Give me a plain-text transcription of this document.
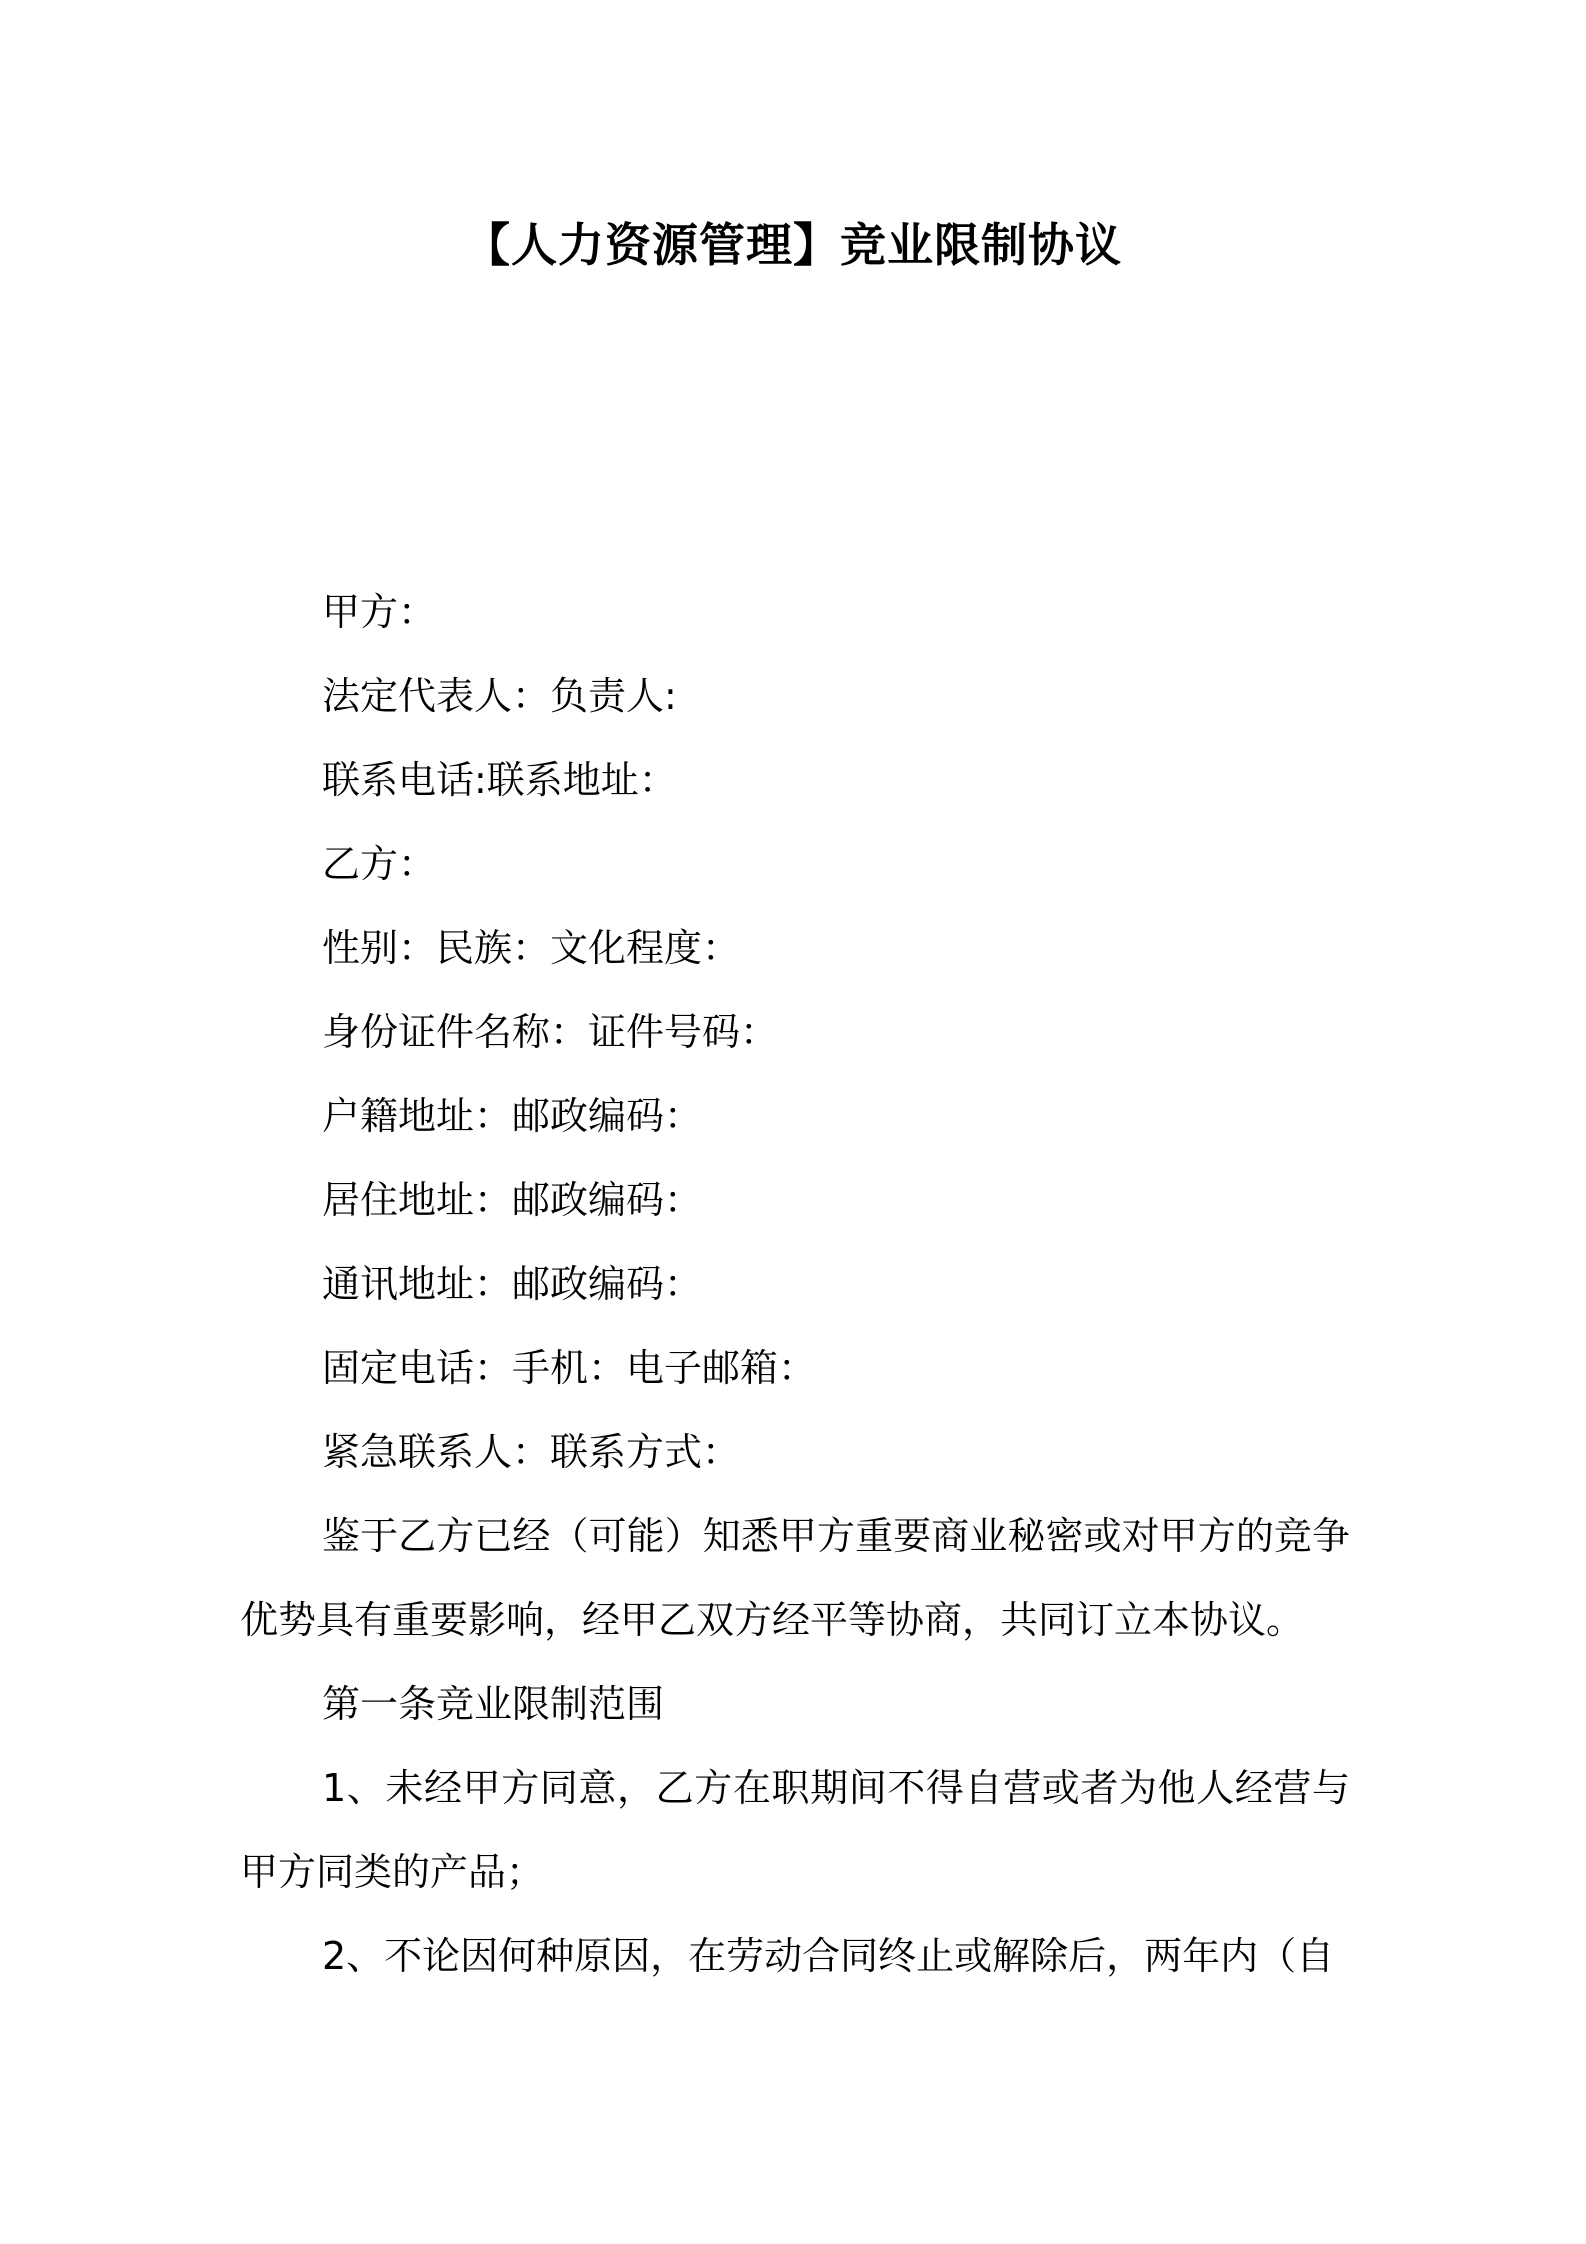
【人力资源管理】竞业限制协议
甲方：
法定代表人：负责人:
联系电话:联系地址：
乙方：
性别：民族：文化程度：
身份证件名称：证件号码：
户籍地址：邮政编码：
居住地址：邮政编码：
通讯地址：邮政编码：
固定电话：手机：电子邮箱：
紧急联系人：联系方式：
鉴于乙方已经（可能）知悉甲方重要商业秘密或对甲方的竞争优势具有重要影响，经甲乙双方经平等协商，共同订立本协议。
第一条竞业限制范围
1、未经甲方同意，乙方在职期间不得自营或者为他人经营与甲方同类的产品；
2、不论因何种原因，在劳动合同终止或解除后，两年内（自
